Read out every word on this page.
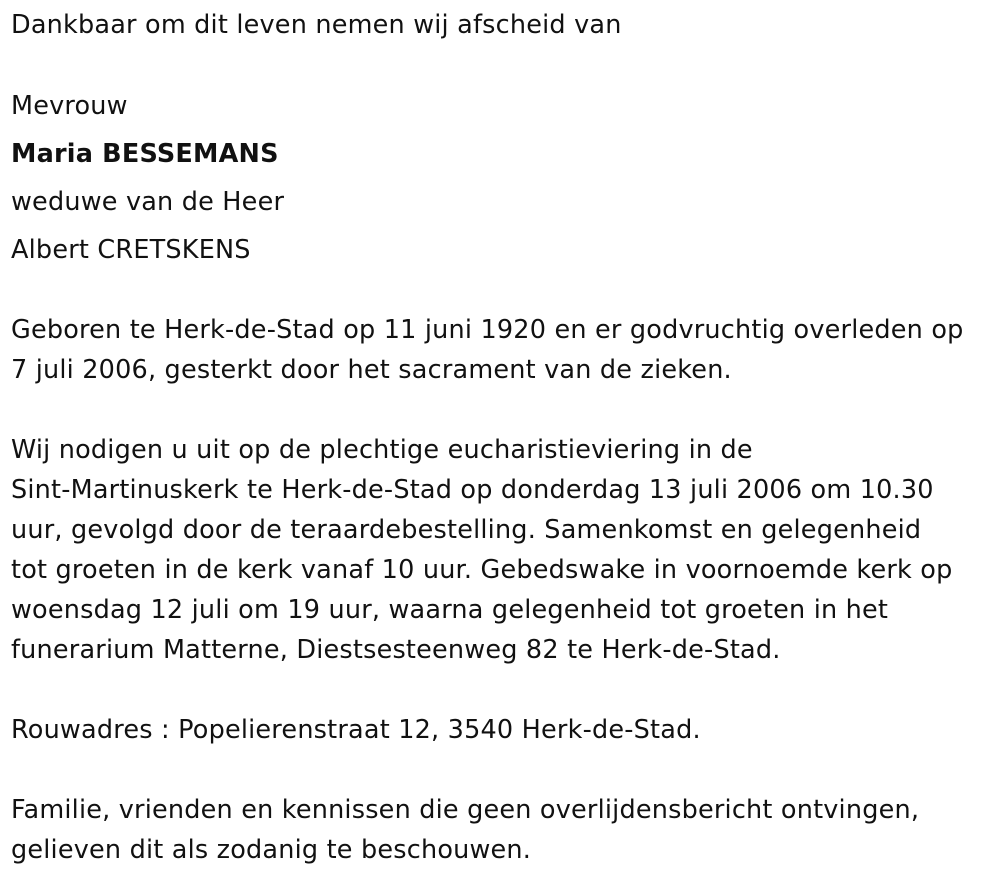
Dankbaar om dit leven nemen wij afscheid van
Mevrouw
Maria BESSEMANS
weduwe van de Heer
Albert CRETSKENS
Geboren te Herk-de-Stad op 11 juni 1920 en er godvruchtig overleden op
7 juli 2006, gesterkt door het sacrament van de zieken.
Wij nodigen u uit op de plechtige eucharistieviering in de
Sint-Martinuskerk te Herk-de-Stad op donderdag 13 juli 2006 om 10.30
uur, gevolgd door de teraardebestelling. Samenkomst en gelegenheid
tot groeten in de kerk vanaf 10 uur. Gebedswake in voornoemde kerk op
woensdag 12 juli om 19 uur, waarna gelegenheid tot groeten in het
funerarium Matterne, Diestsesteenweg 82 te Herk-de-Stad.
Rouwadres : Popelierenstraat 12, 3540 Herk-de-Stad.
Familie, vrienden en kennissen die geen overlijdensbericht ontvingen,
gelieven dit als zodanig te beschouwen.
